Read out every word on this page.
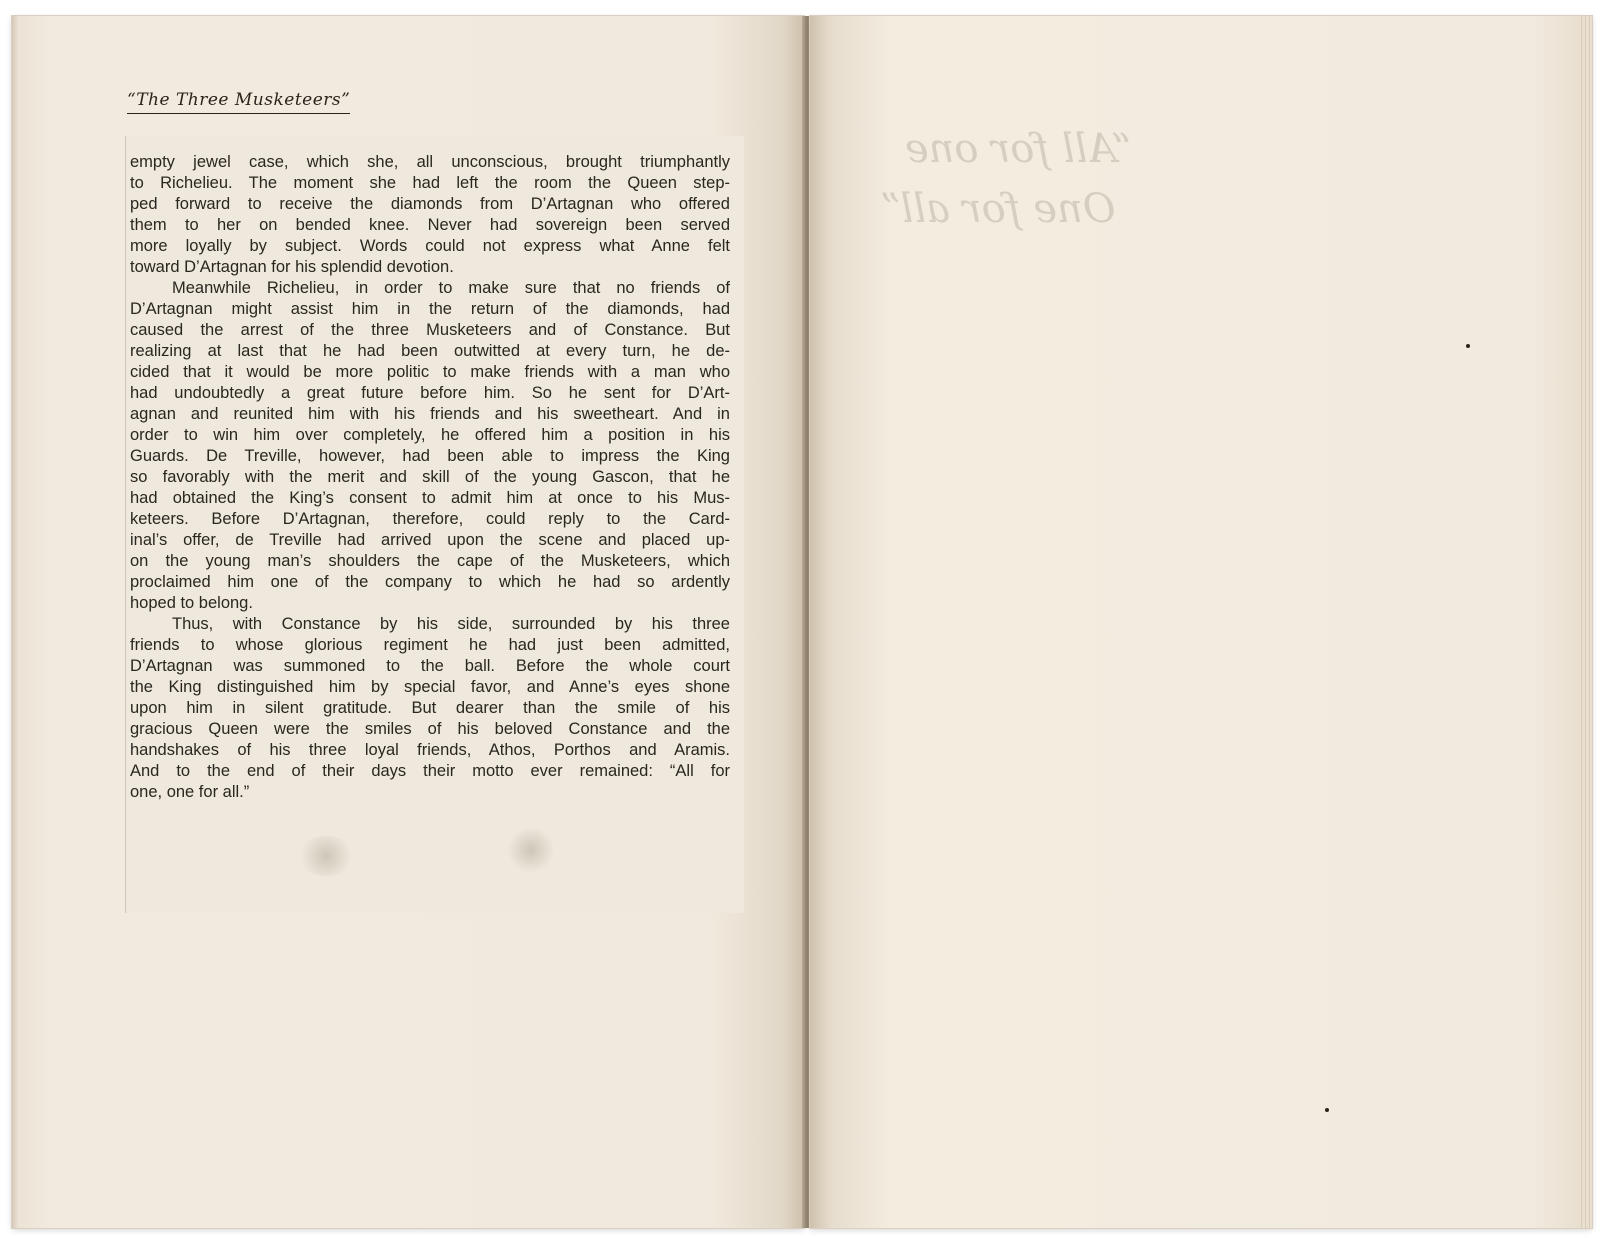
“The Three Musketeers”
empty jewel case, which she, all unconscious, brought triumphantly
to Richelieu. The moment she had left the room the Queen step-
ped forward to receive the diamonds from D’Artagnan who offered
them to her on bended knee. Never had sovereign been served
more loyally by subject. Words could not express what Anne felt
toward D’Artagnan for his splendid devotion.
Meanwhile Richelieu, in order to make sure that no friends of
D’Artagnan might assist him in the return of the diamonds, had
caused the arrest of the three Musketeers and of Constance. But
realizing at last that he had been outwitted at every turn, he de-
cided that it would be more politic to make friends with a man who
had undoubtedly a great future before him. So he sent for D’Art-
agnan and reunited him with his friends and his sweetheart. And in
order to win him over completely, he offered him a position in his
Guards. De Treville, however, had been able to impress the King
so favorably with the merit and skill of the young Gascon, that he
had obtained the King’s consent to admit him at once to his Mus-
keteers. Before D’Artagnan, therefore, could reply to the Card-
inal’s offer, de Treville had arrived upon the scene and placed up-
on the young man’s shoulders the cape of the Musketeers, which
proclaimed him one of the company to which he had so ardently
hoped to belong.
Thus, with Constance by his side, surrounded by his three
friends to whose glorious regiment he had just been admitted,
D’Artagnan was summoned to the ball. Before the whole court
the King distinguished him by special favor, and Anne’s eyes shone
upon him in silent gratitude. But dearer than the smile of his
gracious Queen were the smiles of his beloved Constance and the
handshakes of his three loyal friends, Athos, Porthos and Aramis.
And to the end of their days their motto ever remained: “All for
one, one for all.”
“All for one
One for all”
